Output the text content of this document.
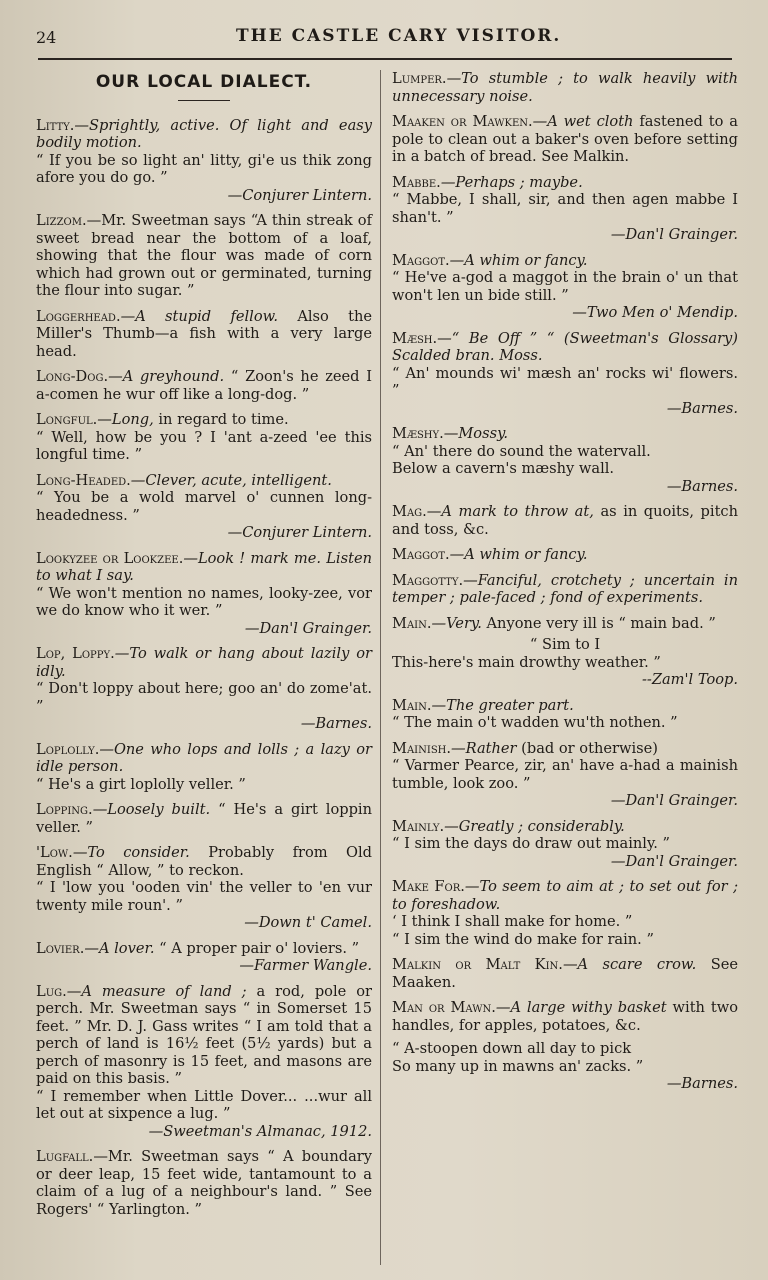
24	THE CASTLE CARY VISITOR.
OUR LOCAL DIALECT.

Litty.—Sprightly, active. Of light and easy bodily motion.

“ If you be so light an' litty, gi'e us thik zong afore you do go. ”

—Conjurer Lintern.

Lizzom.—Mr. Sweetman says “A thin streak of sweet bread near the bottom of a loaf, showing that the flour was made of corn which had grown out or germinated, turning the flour into sugar. ”

Loggerhead.—A stupid fellow. Also the Miller's Thumb—a fish with a very large head.

Long-Dog.—A greyhound. “ Zoon's he zeed I a-comen he wur off like a long-dog. ”

Longful.—Long, in regard to time.

“ Well, how be you ? I 'ant a-zeed 'ee this longful time. ”

Long-Headed.—Clever, acute, intelligent.

“ You be a wold marvel o' cunnen long-headedness. ”

—Conjurer Lintern.

Lookyzee or Lookzee.—Look ! mark me. Listen to what I say.

“ We won't mention no names, looky-zee, vor we do know who it wer. ”

—Dan'l Grainger.

Lop, Loppy.—To walk or hang about lazily or idly.

“ Don't loppy about here; goo an' do zome'at. ”

—Barnes.

Loplolly.—One who lops and lolls ; a lazy or idle person.

“ He's a girt loplolly veller. ”

Lopping.—Loosely built. “ He's a girt loppin veller. ”

'Low.—To consider. Probably from Old English “ Allow, ” to reckon.

“ I 'low you 'ooden vin' the veller to 'en vur twenty mile roun'. ”

—Down t' Camel.

Lovier.—A lover. “ A proper pair o' loviers. ”

—Farmer Wangle.

Lug.—A measure of land ; a rod, pole or perch. Mr. Sweetman says “ in Somerset 15 feet. ” Mr. D. J. Gass writes “ I am told that a perch of land is 16½ feet (5½ yards) but a perch of masonry is 15 feet, and masons are paid on this basis. ”

“ I remember when Little Dover... ...wur all let out at sixpence a lug. ”

—Sweetman's Almanac, 1912.

Lugfall.—Mr. Sweetman says “ A boundary or deer leap, 15 feet wide, tantamount to a claim of a lug of a neighbour's land. ” See Rogers' “ Yarlington. ”

Lumper.—To stumble ; to walk heavily with unnecessary noise.

Maaken or Mawken.—A wet cloth fastened to a pole to clean out a baker's oven before setting in a batch of bread. See Malkin.

Mabbe.—Perhaps ; maybe.

“ Mabbe, I shall, sir, and then agen mabbe I shan't. ”

—Dan'l Grainger.

Maggot.—A whim or fancy.

“ He've a-god a maggot in the brain o' un that won't len un bide still. ”

—Two Men o' Mendip.

Mæsh.—“ Be Off ” “ (Sweetman's Glossary) Scalded bran. Moss.

“ An' mounds wi' mæsh an' rocks wi' flowers. ”

—Barnes.

Mæshy.—Mossy.

“ An' there do sound the watervall.

Below a cavern's mæshy wall.

—Barnes.

Mag.—A mark to throw at, as in quoits, pitch and toss, &c.

Maggot.—A whim or fancy.

Maggotty.—Fanciful, crotchety ; uncertain in temper ; pale-faced ; fond of experiments.

Main.—Very. Anyone very ill is “ main bad. ”

“ Sim to I

This-here's main drowthy weather. ”

--Zam'l Toop.

Main.—The greater part.

“ The main o't wadden wu'th nothen. ”

Mainish.—Rather (bad or otherwise)

“ Varmer Pearce, zir, an' have a-had a mainish tumble, look zoo. ”

—Dan'l Grainger.

Mainly.—Greatly ; considerably.

“ I sim the days do draw out mainly. ”

—Dan'l Grainger.

Make For.—To seem to aim at ; to set out for ; to foreshadow.

‘ I think I shall make for home. ”

“ I sim the wind do make for rain. ”

Malkin or Malt Kin.—A scare crow. See Maaken.

Man or Mawn.—A large withy basket with two handles, for apples, potatoes, &c.

“ A-stoopen down all day to pick

So many up in mawns an' zacks. ”

—Barnes.
